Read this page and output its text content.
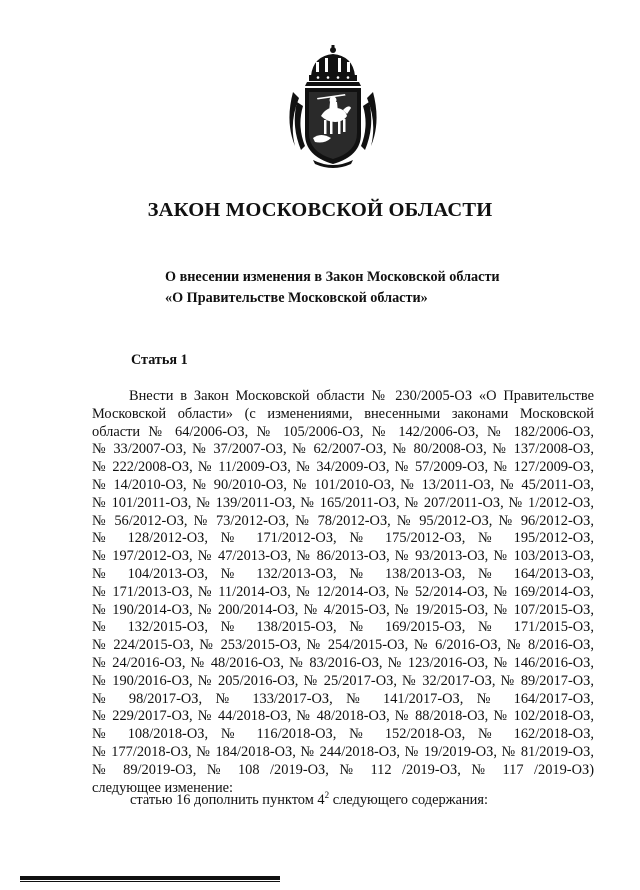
ЗАКОН МОСКОВСКОЙ ОБЛАСТИ
О внесении изменения в Закон Московской области
«О Правительстве Московской области»
Статья 1
Внести в Закон Московской области № 230/2005-ОЗ «О Правительстве
Московской области» (с изменениями, внесенными законами Московской
области № 64/2006-ОЗ, № 105/2006-ОЗ, № 142/2006-ОЗ, № 182/2006-ОЗ,
№ 33/2007-ОЗ, № 37/2007-ОЗ, № 62/2007-ОЗ, № 80/2008-ОЗ, № 137/2008-ОЗ,
№ 222/2008-ОЗ, № 11/2009-ОЗ, № 34/2009-ОЗ, № 57/2009-ОЗ, № 127/2009-ОЗ,
№ 14/2010-ОЗ, № 90/2010-ОЗ, № 101/2010-ОЗ, № 13/2011-ОЗ, № 45/2011-ОЗ,
№ 101/2011-ОЗ, № 139/2011-ОЗ, № 165/2011-ОЗ, № 207/2011-ОЗ, № 1/2012-ОЗ,
№ 56/2012-ОЗ, № 73/2012-ОЗ, № 78/2012-ОЗ, № 95/2012-ОЗ, № 96/2012-ОЗ,
№ 128/2012-ОЗ, № 171/2012-ОЗ, № 175/2012-ОЗ, № 195/2012-ОЗ,
№ 197/2012-ОЗ, № 47/2013-ОЗ, № 86/2013-ОЗ, № 93/2013-ОЗ, № 103/2013-ОЗ,
№ 104/2013-ОЗ, № 132/2013-ОЗ, № 138/2013-ОЗ, № 164/2013-ОЗ,
№ 171/2013-ОЗ, № 11/2014-ОЗ, № 12/2014-ОЗ, № 52/2014-ОЗ, № 169/2014-ОЗ,
№ 190/2014-ОЗ, № 200/2014-ОЗ, № 4/2015-ОЗ, № 19/2015-ОЗ, № 107/2015-ОЗ,
№ 132/2015-ОЗ, № 138/2015-ОЗ, № 169/2015-ОЗ, № 171/2015-ОЗ,
№ 224/2015-ОЗ, № 253/2015-ОЗ, № 254/2015-ОЗ, № 6/2016-ОЗ, № 8/2016-ОЗ,
№ 24/2016-ОЗ, № 48/2016-ОЗ, № 83/2016-ОЗ, № 123/2016-ОЗ, № 146/2016-ОЗ,
№ 190/2016-ОЗ, № 205/2016-ОЗ, № 25/2017-ОЗ, № 32/2017-ОЗ, № 89/2017-ОЗ,
№ 98/2017-ОЗ, № 133/2017-ОЗ, № 141/2017-ОЗ, № 164/2017-ОЗ,
№ 229/2017-ОЗ, № 44/2018-ОЗ, № 48/2018-ОЗ, № 88/2018-ОЗ, № 102/2018-ОЗ,
№ 108/2018-ОЗ, № 116/2018-ОЗ, № 152/2018-ОЗ, № 162/2018-ОЗ,
№ 177/2018-ОЗ, № 184/2018-ОЗ, № 244/2018-ОЗ, № 19/2019-ОЗ, № 81/2019-ОЗ,
№ 89/2019-ОЗ, № 108 /2019-ОЗ, № 112 /2019-ОЗ, № 117 /2019-ОЗ)
следующее изменение:
статью 16 дополнить пунктом $4^2$ следующего содержания:
